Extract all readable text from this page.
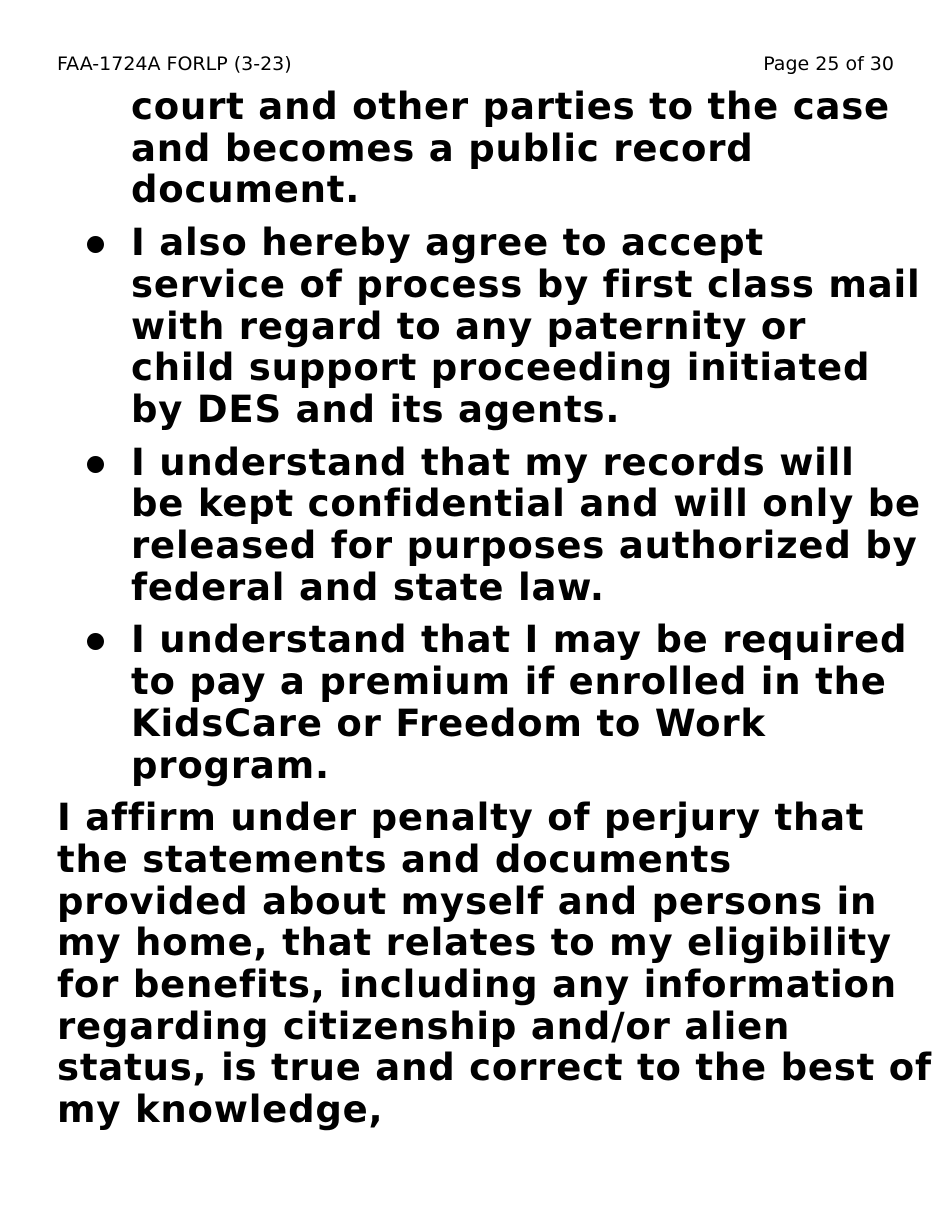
FAA-1724A FORLP (3-23)	Page 25 of 30

court and other parties to the case and becomes a public record document.

I also hereby agree to accept service of process by first class mail with regard to any paternity or child support proceeding initiated by DES and its agents.
I understand that my records will be kept confidential and will only be released for purposes authorized by federal and state law.
I understand that I may be required to pay a premium if enrolled in the KidsCare or Freedom to Work program.

I affirm under penalty of perjury that the statements and documents provided about myself and persons in my home, that relates to my eligibility for benefits, including any information regarding citizenship and/or alien status, is true and correct to the best of my knowledge,
